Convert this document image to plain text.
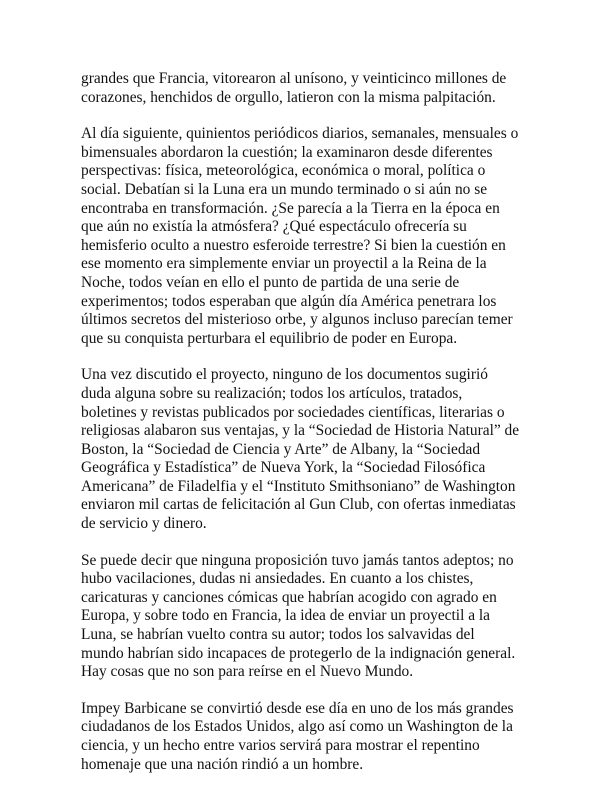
grandes que Francia, vitorearon al unísono, y veinticinco millones de corazones, henchidos de orgullo, latieron con la misma palpitación.

Al día siguiente, quinientos periódicos diarios, semanales, mensuales o bimensuales abordaron la cuestión; la examinaron desde diferentes perspectivas: física, meteorológica, económica o moral, política o social. Debatían si la Luna era un mundo terminado o si aún no se encontraba en transformación. ¿Se parecía a la Tierra en la época en que aún no existía la atmósfera? ¿Qué espectáculo ofrecería su hemisferio oculto a nuestro esferoide terrestre? Si bien la cuestión en ese momento era simplemente enviar un proyectil a la Reina de la Noche, todos veían en ello el punto de partida de una serie de experimentos; todos esperaban que algún día América penetrara los últimos secretos del misterioso orbe, y algunos incluso parecían temer que su conquista perturbara el equilibrio de poder en Europa.

Una vez discutido el proyecto, ninguno de los documentos sugirió duda alguna sobre su realización; todos los artículos, tratados, boletines y revistas publicados por sociedades científicas, literarias o religiosas alabaron sus ventajas, y la “Sociedad de Historia Natural” de Boston, la “Sociedad de Ciencia y Arte” de Albany, la “Sociedad Geográfica y Estadística” de Nueva York, la “Sociedad Filosófica Americana” de Filadelfia y el “Instituto Smithsoniano” de Washington enviaron mil cartas de felicitación al Gun Club, con ofertas inmediatas de servicio y dinero.

Se puede decir que ninguna proposición tuvo jamás tantos adeptos; no hubo vacilaciones, dudas ni ansiedades. En cuanto a los chistes, caricaturas y canciones cómicas que habrían acogido con agrado en Europa, y sobre todo en Francia, la idea de enviar un proyectil a la Luna, se habrían vuelto contra su autor; todos los salvavidas del mundo habrían sido incapaces de protegerlo de la indignación general. Hay cosas que no son para reírse en el Nuevo Mundo.

Impey Barbicane se convirtió desde ese día en uno de los más grandes ciudadanos de los Estados Unidos, algo así como un Washington de la ciencia, y un hecho entre varios servirá para mostrar el repentino homenaje que una nación rindió a un hombre.
